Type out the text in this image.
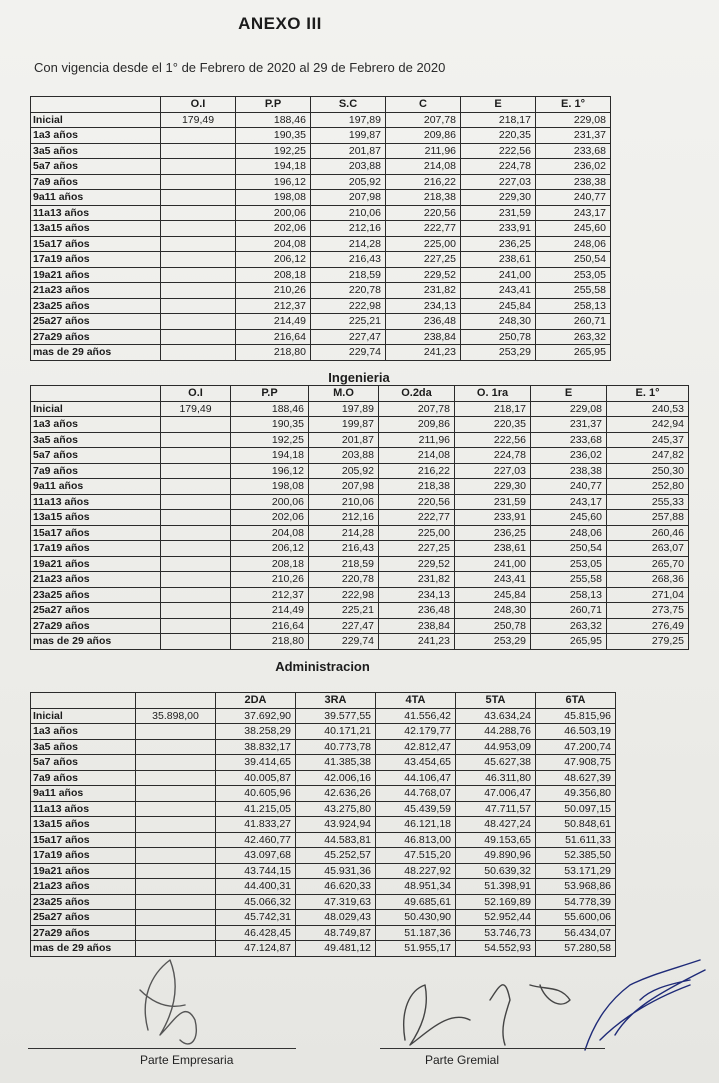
ANEXO III
Con vigencia desde el 1° de Febrero de 2020 al 29 de Febrero de 2020
	O.I	P.P	S.C	C	E	E. 1°
Inicial	179,49	188,46	197,89	207,78	218,17	229,08
1a3 años		190,35	199,87	209,86	220,35	231,37
3a5 años		192,25	201,87	211,96	222,56	233,68
5a7 años		194,18	203,88	214,08	224,78	236,02
7a9 años		196,12	205,92	216,22	227,03	238,38
9a11 años		198,08	207,98	218,38	229,30	240,77
11a13 años		200,06	210,06	220,56	231,59	243,17
13a15 años		202,06	212,16	222,77	233,91	245,60
15a17 años		204,08	214,28	225,00	236,25	248,06
17a19 años		206,12	216,43	227,25	238,61	250,54
19a21 años		208,18	218,59	229,52	241,00	253,05
21a23 años		210,26	220,78	231,82	243,41	255,58
23a25 años		212,37	222,98	234,13	245,84	258,13
25a27 años		214,49	225,21	236,48	248,30	260,71
27a29 años		216,64	227,47	238,84	250,78	263,32
mas de 29 años		218,80	229,74	241,23	253,29	265,95
Ingenieria
	O.I	P.P	M.O	O.2da	O. 1ra	E	E. 1°
Inicial	179,49	188,46	197,89	207,78	218,17	229,08	240,53
1a3 años		190,35	199,87	209,86	220,35	231,37	242,94
3a5 años		192,25	201,87	211,96	222,56	233,68	245,37
5a7 años		194,18	203,88	214,08	224,78	236,02	247,82
7a9 años		196,12	205,92	216,22	227,03	238,38	250,30
9a11 años		198,08	207,98	218,38	229,30	240,77	252,80
11a13 años		200,06	210,06	220,56	231,59	243,17	255,33
13a15 años		202,06	212,16	222,77	233,91	245,60	257,88
15a17 años		204,08	214,28	225,00	236,25	248,06	260,46
17a19 años		206,12	216,43	227,25	238,61	250,54	263,07
19a21 años		208,18	218,59	229,52	241,00	253,05	265,70
21a23 años		210,26	220,78	231,82	243,41	255,58	268,36
23a25 años		212,37	222,98	234,13	245,84	258,13	271,04
25a27 años		214,49	225,21	236,48	248,30	260,71	273,75
27a29 años		216,64	227,47	238,84	250,78	263,32	276,49
mas de 29 años		218,80	229,74	241,23	253,29	265,95	279,25
Administracion
		2DA	3RA	4TA	5TA	6TA
Inicial	35.898,00	37.692,90	39.577,55	41.556,42	43.634,24	45.815,96
1a3 años		38.258,29	40.171,21	42.179,77	44.288,76	46.503,19
3a5 años		38.832,17	40.773,78	42.812,47	44.953,09	47.200,74
5a7 años		39.414,65	41.385,38	43.454,65	45.627,38	47.908,75
7a9 años		40.005,87	42.006,16	44.106,47	46.311,80	48.627,39
9a11 años		40.605,96	42.636,26	44.768,07	47.006,47	49.356,80
11a13 años		41.215,05	43.275,80	45.439,59	47.711,57	50.097,15
13a15 años		41.833,27	43.924,94	46.121,18	48.427,24	50.848,61
15a17 años		42.460,77	44.583,81	46.813,00	49.153,65	51.611,33
17a19 años		43.097,68	45.252,57	47.515,20	49.890,96	52.385,50
19a21 años		43.744,15	45.931,36	48.227,92	50.639,32	53.171,29
21a23 años		44.400,31	46.620,33	48.951,34	51.398,91	53.968,86
23a25 años		45.066,32	47.319,63	49.685,61	52.169,89	54.778,39
25a27 años		45.742,31	48.029,43	50.430,90	52.952,44	55.600,06
27a29 años		46.428,45	48.749,87	51.187,36	53.746,73	56.434,07
mas de 29 años		47.124,87	49.481,12	51.955,17	54.552,93	57.280,58
Parte Empresaria	Parte Gremial
